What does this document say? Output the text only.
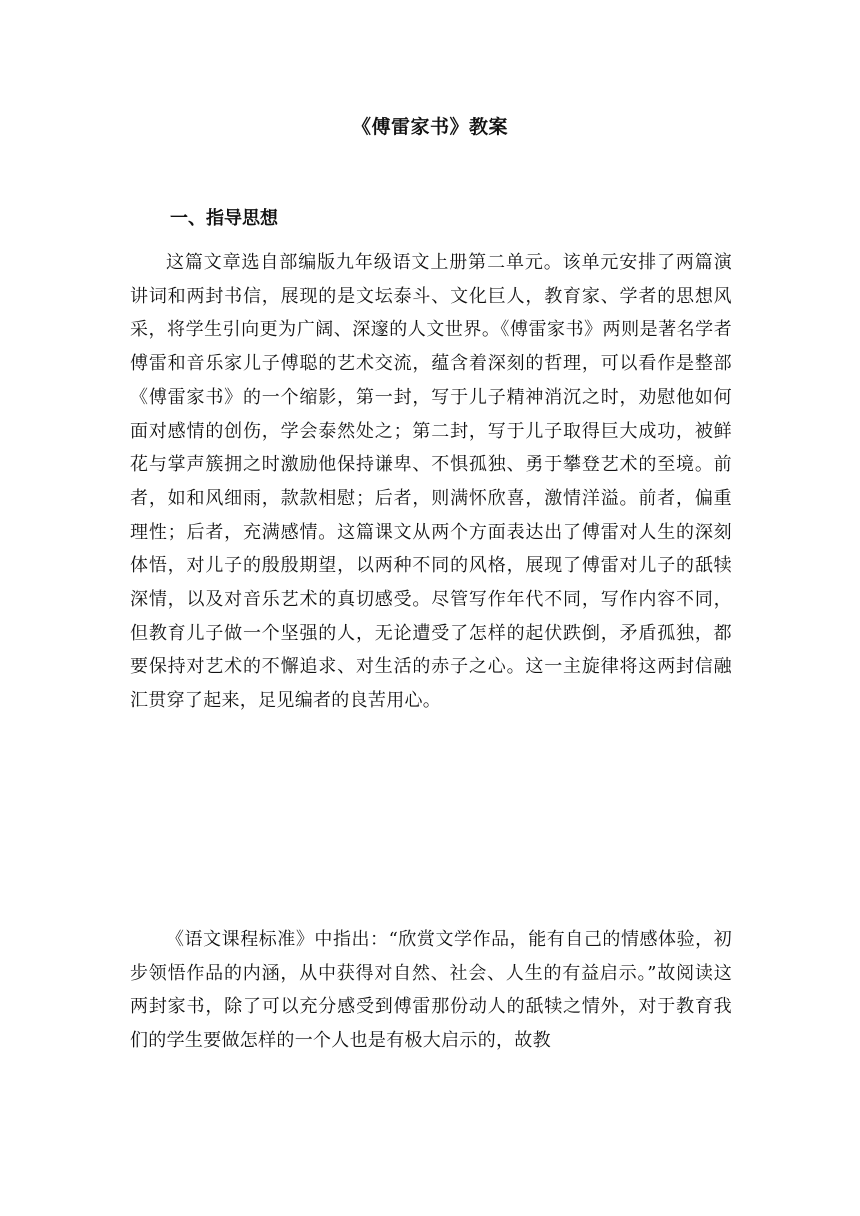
《傅雷家书》教案
一、指导思想

这篇文章选自部编版九年级语文上册第二单元。该单元安排了两篇演讲词和两封书信，展现的是文坛泰斗、文化巨人，教育家、学者的思想风采，将学生引向更为广阔、深邃的人文世界。《傅雷家书》两则是著名学者傅雷和音乐家儿子傅聪的艺术交流，蕴含着深刻的哲理，可以看作是整部《傅雷家书》的一个缩影，第一封，写于儿子精神消沉之时，劝慰他如何面对感情的创伤，学会泰然处之；第二封，写于儿子取得巨大成功，被鲜花与掌声簇拥之时激励他保持谦卑、不惧孤独、勇于攀登艺术的至境。前者，如和风细雨，款款相慰；后者，则满怀欣喜，激情洋溢。前者，偏重理性；后者，充满感情。这篇课文从两个方面表达出了傅雷对人生的深刻体悟，对儿子的殷殷期望，以两种不同的风格，展现了傅雷对儿子的舐犊深情，以及对音乐艺术的真切感受。尽管写作年代不同，写作内容不同，但教育儿子做一个坚强的人，无论遭受了怎样的起伏跌倒，矛盾孤独，都要保持对艺术的不懈追求、对生活的赤子之心。这一主旋律将这两封信融汇贯穿了起来，足见编者的良苦用心。

《语文课程标准》中指出：“欣赏文学作品，能有自己的情感体验，初步领悟作品的内涵，从中获得对自然、社会、人生的有益启示。”故阅读这两封家书，除了可以充分感受到傅雷那份动人的舐犊之情外，对于教育我们的学生要做怎样的一个人也是有极大启示的，故教
